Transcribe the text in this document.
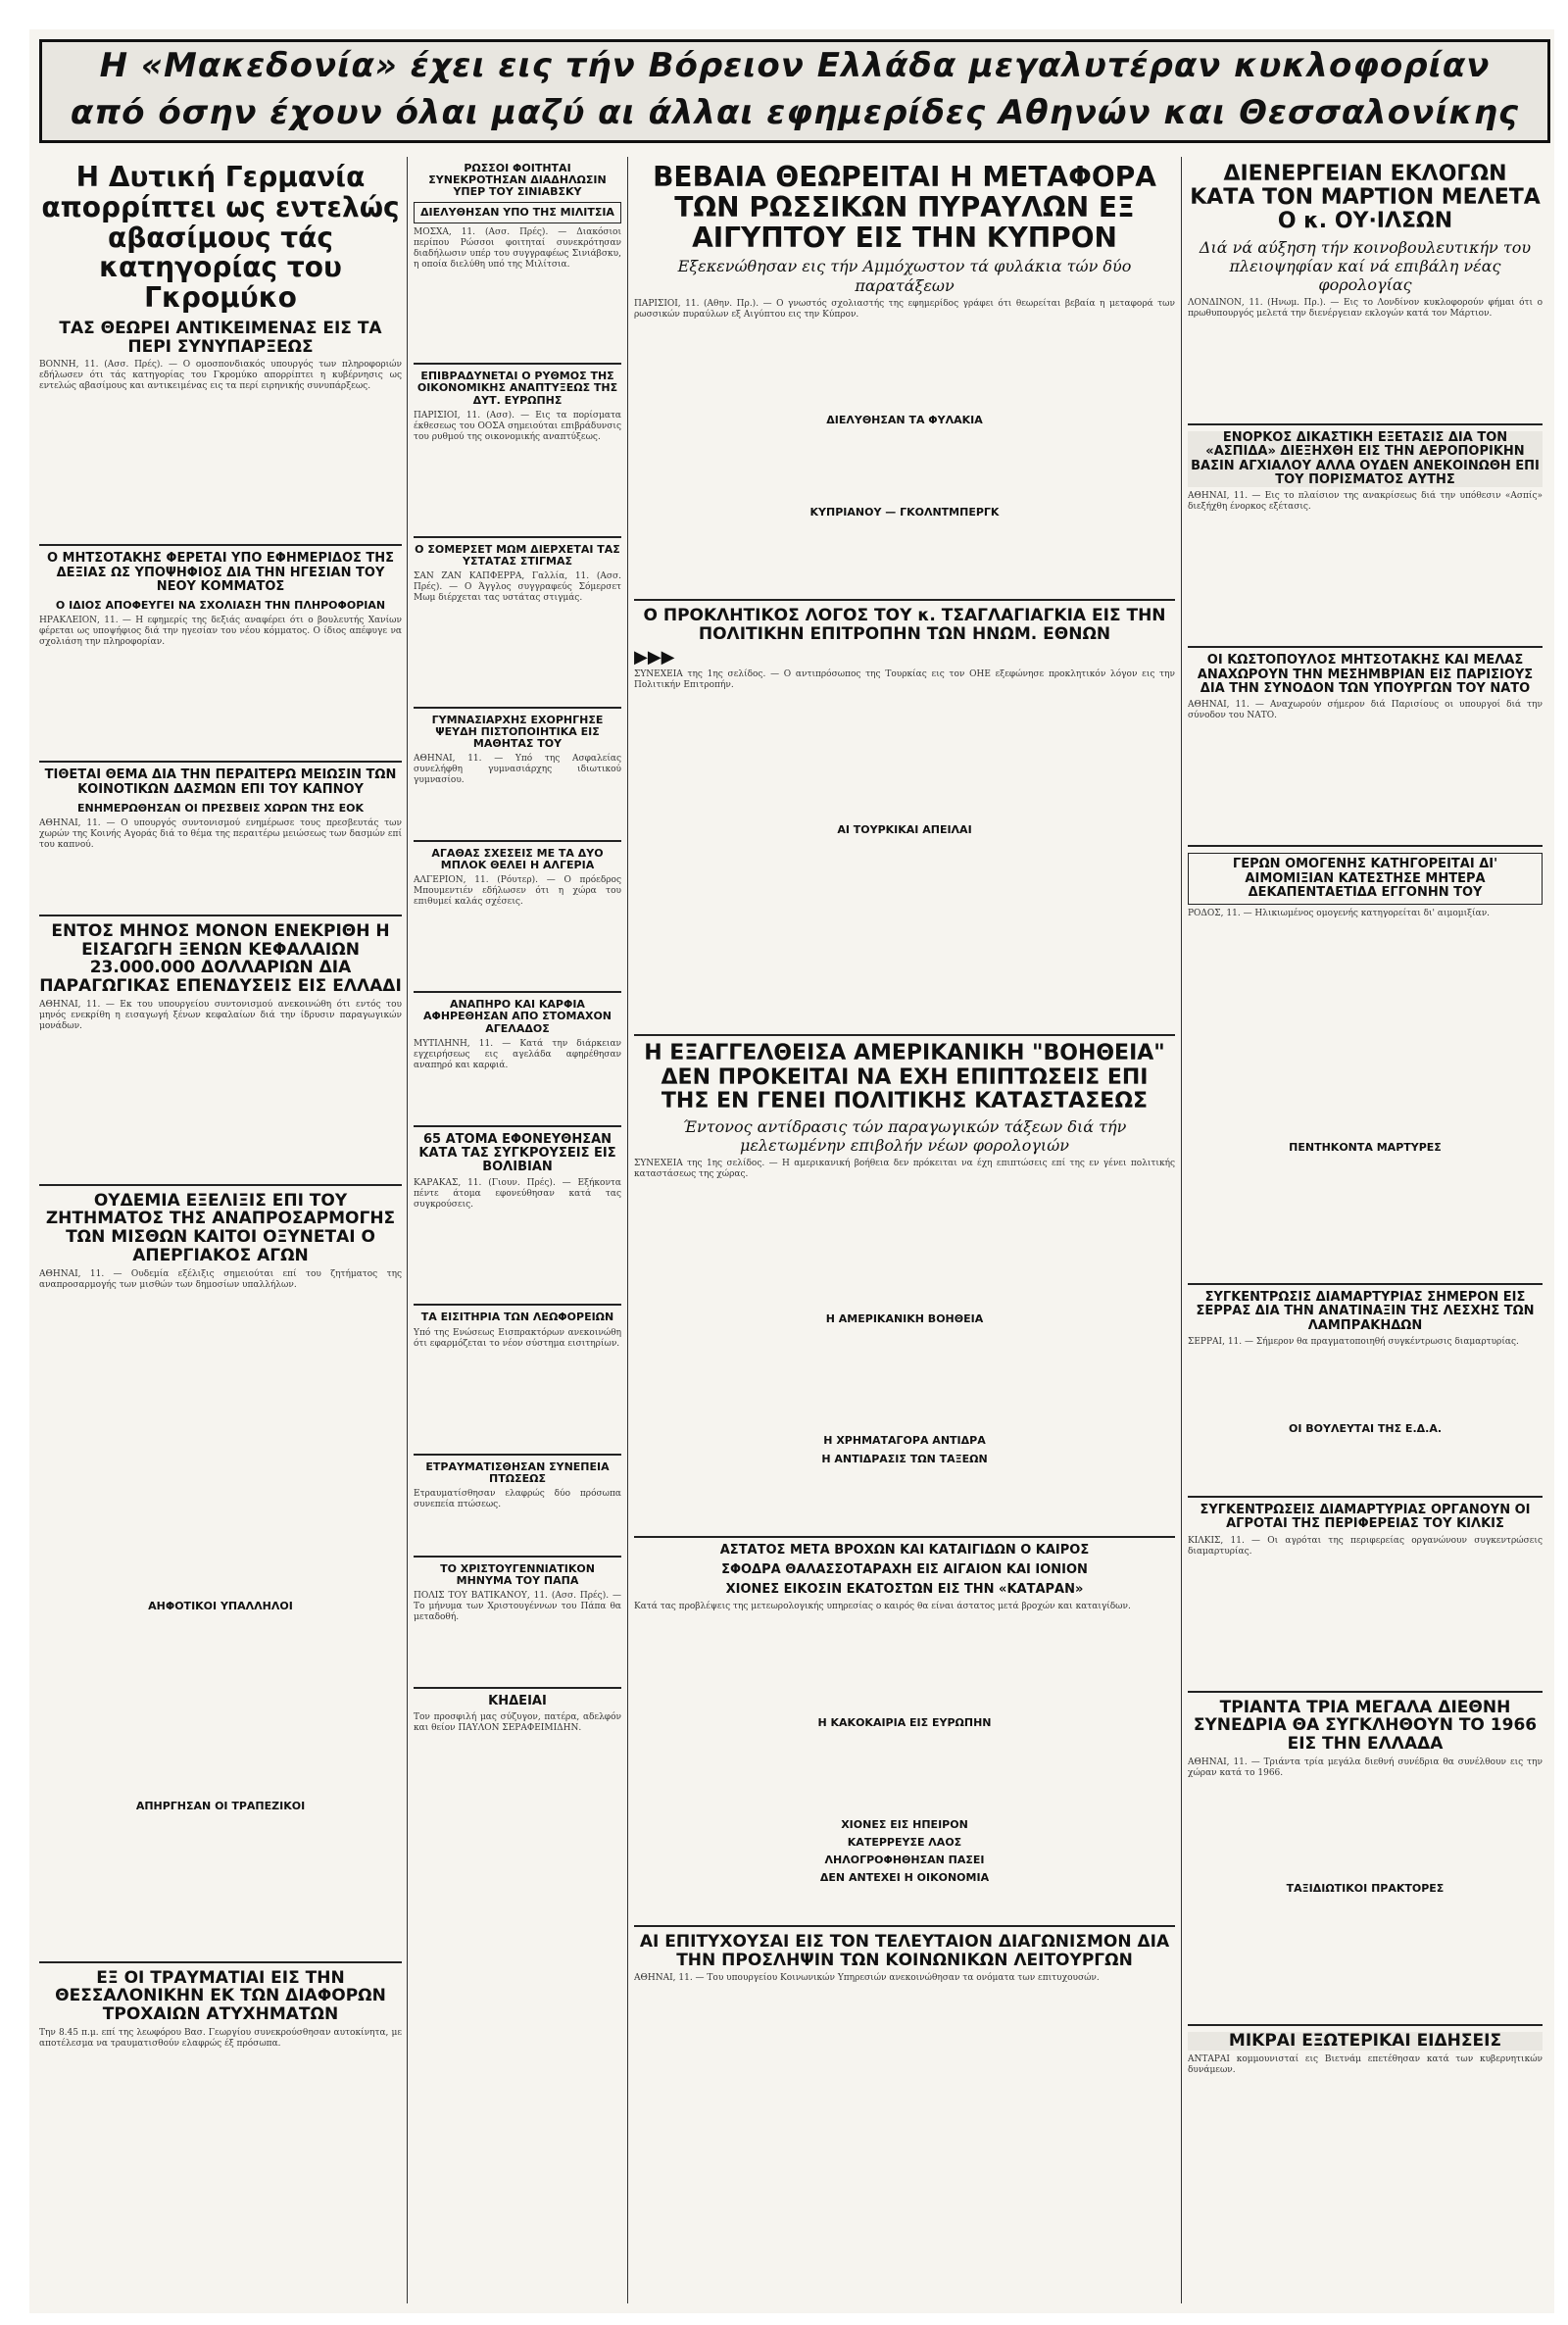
Η «Μακεδονία» έχει εις τήν Βόρειον Ελλάδα μεγαλυτέραν κυκλοφορίαν
από όσην έχουν όλαι μαζύ αι άλλαι εφημερίδες Αθηνών και Θεσσαλονίκης
Η Δυτική Γερμανία απορρίπτει ως εντελώς αβασίμους τάς κατηγορίας του Γκρομύκο
ΤΑΣ ΘΕΩΡΕΙ ΑΝΤΙΚΕΙΜΕΝΑΣ ΕΙΣ ΤΑ ΠΕΡΙ ΣΥΝΥΠΑΡΞΕΩΣ
ΒΟΝΝΗ, 11. (Ασσ. Πρές). — Ο ομοσπονδιακός υπουργός των πληροφοριών εδήλωσεν ότι τάς κατηγορίας του Γκρομύκο απορρίπτει η κυβέρνησις ως εντελώς αβασίμους και αντικειμένας εις τα περί ειρηνικής συνυπάρξεως.
Ο ΜΗΤΣΟΤΑΚΗΣ ΦΕΡΕΤΑΙ ΥΠΟ ΕΦΗΜΕΡΙΔΟΣ ΤΗΣ ΔΕΞΙΑΣ ΩΣ ΥΠΟΨΗΦΙΟΣ ΔΙΑ ΤΗΝ ΗΓΕΣΙΑΝ ΤΟΥ ΝΕΟΥ ΚΟΜΜΑΤΟΣ
Ο ΙΔΙΟΣ ΑΠΟΦΕΥΓΕΙ ΝΑ ΣΧΟΛΙΑΣΗ ΤΗΝ ΠΛΗΡΟΦΟΡΙΑΝ
ΗΡΑΚΛΕΙΟΝ, 11. — Η εφημερίς της δεξιάς αναφέρει ότι ο βουλευτής Χανίων φέρεται ως υποψήφιος διά την ηγεσίαν του νέου κόμματος. Ο ίδιος απέφυγε να σχολιάση την πληροφορίαν.
ΤΙΘΕΤΑΙ ΘΕΜΑ ΔΙΑ ΤΗΝ ΠΕΡΑΙΤΕΡΩ ΜΕΙΩΣΙΝ ΤΩΝ ΚΟΙΝΟΤΙΚΩΝ ΔΑΣΜΩΝ ΕΠΙ ΤΟΥ ΚΑΠΝΟΥ
ΕΝΗΜΕΡΩΘΗΣΑΝ ΟΙ ΠΡΕΣΒΕΙΣ ΧΩΡΩΝ ΤΗΣ ΕΟΚ
ΑΘΗΝΑΙ, 11. — Ο υπουργός συντονισμού ενημέρωσε τους πρεσβευτάς των χωρών της Κοινής Αγοράς διά το θέμα της περαιτέρω μειώσεως των δασμών επί του καπνού.
ΕΝΤΟΣ ΜΗΝΟΣ ΜΟΝΟΝ ΕΝΕΚΡΙΘΗ Η ΕΙΣΑΓΩΓΗ ΞΕΝΩΝ ΚΕΦΑΛΑΙΩΝ 23.000.000 ΔΟΛΛΑΡΙΩΝ ΔΙΑ ΠΑΡΑΓΩΓΙΚΑΣ ΕΠΕΝΔΥΣΕΙΣ ΕΙΣ ΕΛΛΑΔΙ
ΑΘΗΝΑΙ, 11. — Εκ του υπουργείου συντονισμού ανεκοινώθη ότι εντός του μηνός ενεκρίθη η εισαγωγή ξένων κεφαλαίων διά την ίδρυσιν παραγωγικών μονάδων.
ΟΥΔΕΜΙΑ ΕΞΕΛΙΞΙΣ ΕΠΙ ΤΟΥ ΖΗΤΗΜΑΤΟΣ ΤΗΣ ΑΝΑΠΡΟΣΑΡΜΟΓΗΣ ΤΩΝ ΜΙΣΘΩΝ ΚΑΙΤΟΙ ΟΞΥΝΕΤΑΙ Ο ΑΠΕΡΓΙΑΚΟΣ ΑΓΩΝ
ΑΘΗΝΑΙ, 11. — Ουδεμία εξέλιξις σημειούται επί του ζητήματος της αναπροσαρμογής των μισθών των δημοσίων υπαλλήλων.
ΑΗΦΟΤΙΚΟΙ ΥΠΑΛΛΗΛΟΙ
ΑΠΗΡΓΗΣΑΝ ΟΙ ΤΡΑΠΕΖΙΚΟΙ
ΕΞ ΟΙ ΤΡΑΥΜΑΤΙΑΙ ΕΙΣ ΤΗΝ ΘΕΣΣΑΛΟΝΙΚΗΝ ΕΚ ΤΩΝ ΔΙΑΦΟΡΩΝ ΤΡΟΧΑΙΩΝ ΑΤΥΧΗΜΑΤΩΝ
Την 8.45 π.μ. επί της λεωφόρου Βασ. Γεωργίου συνεκρούσθησαν αυτοκίνητα, με αποτέλεσμα να τραυματισθούν ελαφρώς έξ πρόσωπα.
ΡΩΣΣΟΙ ΦΟΙΤΗΤΑΙ ΣΥΝΕΚΡΟΤΗΣΑΝ ΔΙΑΔΗΛΩΣΙΝ ΥΠΕΡ ΤΟΥ ΣΙΝΙΑΒΣΚΥ
ΔΙΕΛΥΘΗΣΑΝ ΥΠΟ ΤΗΣ ΜΙΛΙΤΣΙΑ
ΜΟΣΧΑ, 11. (Ασσ. Πρές). — Διακόσιοι περίπου Ρώσσοι φοιτηταί συνεκρότησαν διαδήλωσιν υπέρ του συγγραφέως Σινιάβσκυ, η οποία διελύθη υπό της Μιλίτσια.
ΕΠΙΒΡΑΔΥΝΕΤΑΙ Ο ΡΥΘΜΟΣ ΤΗΣ ΟΙΚΟΝΟΜΙΚΗΣ ΑΝΑΠΤΥΞΕΩΣ ΤΗΣ ΔΥΤ. ΕΥΡΩΠΗΣ
ΠΑΡΙΣΙΟΙ, 11. (Ασσ). — Εις τα πορίσματα έκθεσεως του ΟΟΣΑ σημειούται επιβράδυνσις του ρυθμού της οικονομικής αναπτύξεως.
Ο ΣΟΜΕΡΣΕΤ ΜΩΜ ΔΙΕΡΧΕΤΑΙ ΤΑΣ ΥΣΤΑΤΑΣ ΣΤΙΓΜΑΣ
ΣΑΝ ΖΑΝ ΚΑΠΦΕΡΡΑ, Γαλλία, 11. (Ασσ. Πρές). — Ο Άγγλος συγγραφεύς Σόμερσετ Μωμ διέρχεται τας υστάτας στιγμάς.
ΓΥΜΝΑΣΙΑΡΧΗΣ ΕΧΟΡΗΓΗΣΕ ΨΕΥΔΗ ΠΙΣΤΟΠΟΙΗΤΙΚΑ ΕΙΣ ΜΑΘΗΤΑΣ ΤΟΥ
ΑΘΗΝΑΙ, 11. — Υπό της Ασφαλείας συνελήφθη γυμνασιάρχης ιδιωτικού γυμνασίου.
ΑΓΑΘΑΣ ΣΧΕΣΕΙΣ ΜΕ ΤΑ ΔΥΟ ΜΠΛΟΚ ΘΕΛΕΙ Η ΑΛΓΕΡΙΑ
ΑΛΓΕΡΙΟΝ, 11. (Ρόυτερ). — Ο πρόεδρος Μπουμεντιέν εδήλωσεν ότι η χώρα του επιθυμεί καλάς σχέσεις.
ΑΝΑΠΗΡΟ ΚΑΙ ΚΑΡΦΙΑ ΑΦΗΡΕΘΗΣΑΝ ΑΠΟ ΣΤΟΜΑΧΟΝ ΑΓΕΛΑΔΟΣ
ΜΥΤΙΛΗΝΗ, 11. — Κατά την διάρκειαν εγχειρήσεως εις αγελάδα αφηρέθησαν αναπηρό και καρφιά.
65 ΑΤΟΜΑ ΕΦΟΝΕΥΘΗΣΑΝ ΚΑΤΑ ΤΑΣ ΣΥΓΚΡΟΥΣΕΙΣ ΕΙΣ ΒΟΛΙΒΙΑΝ
ΚΑΡΑΚΑΣ, 11. (Γιουν. Πρές). — Εξήκοντα πέντε άτομα εφονεύθησαν κατά τας συγκρούσεις.
ΤΑ ΕΙΣΙΤΗΡΙΑ ΤΩΝ ΛΕΩΦΟΡΕΙΩΝ
Υπό της Ενώσεως Εισπρακτόρων ανεκοινώθη ότι εφαρμόζεται το νέον σύστημα εισιτηρίων.
ΕΤΡΑΥΜΑΤΙΣΘΗΣΑΝ ΣΥΝΕΠΕΙΑ ΠΤΩΣΕΩΣ
Ετραυματίσθησαν ελαφρώς δύο πρόσωπα συνεπεία πτώσεως.
ΤΟ ΧΡΙΣΤΟΥΓΕΝΝΙΑΤΙΚΟΝ ΜΗΝΥΜΑ ΤΟΥ ΠΑΠΑ
ΠΟΛΙΣ ΤΟΥ ΒΑΤΙΚΑΝΟΥ, 11. (Ασσ. Πρές). — Το μήνυμα των Χριστουγέννων του Πάπα θα μεταδοθή.
ΚΗΔΕΙΑΙ
Τον προσφιλή μας σύζυγον, πατέρα, αδελφόν και θείον ΠΑΥΛΟΝ ΣΕΡΑΦΕΙΜΙΔΗΝ.
ΒΕΒΑΙΑ ΘΕΩΡΕΙΤΑΙ Η ΜΕΤΑΦΟΡΑ ΤΩΝ ΡΩΣΣΙΚΩΝ ΠΥΡΑΥΛΩΝ ΕΞ ΑΙΓΥΠΤΟΥ ΕΙΣ ΤΗΝ ΚΥΠΡΟΝ
Εξεκενώθησαν εις τήν Αμμόχωστον τά φυλάκια τών δύο παρατάξεων
ΠΑΡΙΣΙΟΙ, 11. (Αθην. Πρ.). — Ο γνωστός σχολιαστής της εφημερίδος γράφει ότι θεωρείται βεβαία η μεταφορά των ρωσσικών πυραύλων εξ Αιγύπτου εις την Κύπρον.
ΔΙΕΛΥΘΗΣΑΝ ΤΑ ΦΥΛΑΚΙΑ
ΚΥΠΡΙΑΝΟΥ — ΓΚΟΛΝΤΜΠΕΡΓΚ
Ο ΠΡΟΚΛΗΤΙΚΟΣ ΛΟΓΟΣ ΤΟΥ κ. ΤΣΑΓΛΑΓΙΑΓΚΙΑ ΕΙΣ ΤΗΝ ΠΟΛΙΤΙΚΗΝ ΕΠΙΤΡΟΠΗΝ ΤΩΝ ΗΝΩΜ. ΕΘΝΩΝ
▶▶▶
ΣΥΝΕΧΕΙΑ της 1ης σελίδος. — Ο αντιπρόσωπος της Τουρκίας εις τον ΟΗΕ εξεφώνησε προκλητικόν λόγον εις την Πολιτικήν Επιτροπήν.
ΑΙ ΤΟΥΡΚΙΚΑΙ ΑΠΕΙΛΑΙ
Η ΕΞΑΓΓΕΛΘΕΙΣΑ ΑΜΕΡΙΚΑΝΙΚΗ "ΒΟΗΘΕΙΑ" ΔΕΝ ΠΡΟΚΕΙΤΑΙ ΝΑ ΕΧΗ ΕΠΙΠΤΩΣΕΙΣ ΕΠΙ ΤΗΣ ΕΝ ΓΕΝΕΙ ΠΟΛΙΤΙΚΗΣ ΚΑΤΑΣΤΑΣΕΩΣ
Έντονος αντίδρασις τών παραγωγικών τάξεων διά τήν μελετωμένην επιβολήν νέων φορολογιών
ΣΥΝΕΧΕΙΑ της 1ης σελίδος. — Η αμερικανική βοήθεια δεν πρόκειται να έχη επιπτώσεις επί της εν γένει πολιτικής καταστάσεως της χώρας.
Η ΑΜΕΡΙΚΑΝΙΚΗ ΒΟΗΘΕΙΑ
Η ΧΡΗΜΑΤΑΓΟΡΑ ΑΝΤΙΔΡΑ
Η ΑΝΤΙΔΡΑΣΙΣ ΤΩΝ ΤΑΞΕΩΝ
ΑΣΤΑΤΟΣ ΜΕΤΑ ΒΡΟΧΩΝ ΚΑΙ ΚΑΤΑΙΓΙΔΩΝ Ο ΚΑΙΡΟΣ
ΣΦΟΔΡΑ ΘΑΛΑΣΣΟΤΑΡΑΧΗ ΕΙΣ ΑΙΓΑΙΟΝ ΚΑΙ ΙΟΝΙΟΝ
ΧΙΟΝΕΣ ΕΙΚΟΣΙΝ ΕΚΑΤΟΣΤΩΝ ΕΙΣ ΤΗΝ «ΚΑΤΑΡΑΝ»
Κατά τας προβλέψεις της μετεωρολογικής υπηρεσίας ο καιρός θα είναι άστατος μετά βροχών και καταιγίδων.
Η ΚΑΚΟΚΑΙΡΙΑ ΕΙΣ ΕΥΡΩΠΗΝ
ΧΙΟΝΕΣ ΕΙΣ ΗΠΕΙΡΟΝ
ΚΑΤΕΡΡΕΥΣΕ ΛΑΟΣ
ΛΗΛΟΓΡΟΦΗΘΗΣΑΝ ΠΑΣΕΙ
ΔΕΝ ΑΝΤΕΧΕΙ Η ΟΙΚΟΝΟΜΙΑ
ΑΙ ΕΠΙΤΥΧΟΥΣΑΙ ΕΙΣ ΤΟΝ ΤΕΛΕΥΤΑΙΟΝ ΔΙΑΓΩΝΙΣΜΟΝ ΔΙΑ ΤΗΝ ΠΡΟΣΛΗΨΙΝ ΤΩΝ ΚΟΙΝΩΝΙΚΩΝ ΛΕΙΤΟΥΡΓΩΝ
ΑΘΗΝΑΙ, 11. — Του υπουργείου Κοινωνικών Υπηρεσιών ανεκοινώθησαν τα ονόματα των επιτυχουσών.
ΔΙΕΝΕΡΓΕΙΑΝ ΕΚΛΟΓΩΝ ΚΑΤΑ ΤΟΝ ΜΑΡΤΙΟΝ ΜΕΛΕΤΑ Ο κ. ΟΥ·ΙΛΣΩΝ
Διά νά αύξηση τήν κοινοβουλευτικήν του πλειοψηφίαν καί νά επιβάλη νέας φορολογίας
ΛΟΝΔΙΝΟΝ, 11. (Ηνωμ. Πρ.). — Εις το Λονδίνον κυκλοφορούν φήμαι ότι ο πρωθυπουργός μελετά την διενέργειαν εκλογών κατά τον Μάρτιον.
ΕΝΟΡΚΟΣ ΔΙΚΑΣΤΙΚΗ ΕΞΕΤΑΣΙΣ ΔΙΑ ΤΟΝ «ΑΣΠΙΔΑ» ΔΙΕΞΗΧΘΗ ΕΙΣ ΤΗΝ ΑΕΡΟΠΟΡΙΚΗΝ ΒΑΣΙΝ ΑΓΧΙΑΛΟΥ ΑΛΛΑ ΟΥΔΕΝ ΑΝΕΚΟΙΝΩΘΗ ΕΠΙ ΤΟΥ ΠΟΡΙΣΜΑΤΟΣ ΑΥΤΗΣ
ΑΘΗΝΑΙ, 11. — Εις το πλαίσιον της ανακρίσεως διά την υπόθεσιν «Ασπίς» διεξήχθη ένορκος εξέτασις.
ΟΙ ΚΩΣΤΟΠΟΥΛΟΣ ΜΗΤΣΟΤΑΚΗΣ ΚΑΙ ΜΕΛΑΣ ΑΝΑΧΩΡΟΥΝ ΤΗΝ ΜΕΣΗΜΒΡΙΑΝ ΕΙΣ ΠΑΡΙΣΙΟΥΣ ΔΙΑ ΤΗΝ ΣΥΝΟΔΟΝ ΤΩΝ ΥΠΟΥΡΓΩΝ ΤΟΥ ΝΑΤΟ
ΑΘΗΝΑΙ, 11. — Αναχωρούν σήμερον διά Παρισίους οι υπουργοί διά την σύνοδον του ΝΑΤΟ.
ΓΕΡΩΝ ΟΜΟΓΕΝΗΣ ΚΑΤΗΓΟΡΕΙΤΑΙ ΔΙ' ΑΙΜΟΜΙΞΙΑΝ ΚΑΤΕΣΤΗΣΕ ΜΗΤΕΡΑ ΔΕΚΑΠΕΝΤΑΕΤΙΔΑ ΕΓΓΟΝΗΝ ΤΟΥ
ΡΟΔΟΣ, 11. — Ηλικιωμένος ομογενής κατηγορείται δι' αιμομιξίαν.
ΠΕΝΤΗΚΟΝΤΑ ΜΑΡΤΥΡΕΣ
ΣΥΓΚΕΝΤΡΩΣΙΣ ΔΙΑΜΑΡΤΥΡΙΑΣ ΣΗΜΕΡΟΝ ΕΙΣ ΣΕΡΡΑΣ ΔΙΑ ΤΗΝ ΑΝΑΤΙΝΑΞΙΝ ΤΗΣ ΛΕΣΧΗΣ ΤΩΝ ΛΑΜΠΡΑΚΗΔΩΝ
ΣΕΡΡΑΙ, 11. — Σήμερον θα πραγματοποιηθή συγκέντρωσις διαμαρτυρίας.
ΟΙ ΒΟΥΛΕΥΤΑΙ ΤΗΣ Ε.Δ.Α.
ΣΥΓΚΕΝΤΡΩΣΕΙΣ ΔΙΑΜΑΡΤΥΡΙΑΣ ΟΡΓΑΝΟΥΝ ΟΙ ΑΓΡΟΤΑΙ ΤΗΣ ΠΕΡΙΦΕΡΕΙΑΣ ΤΟΥ ΚΙΛΚΙΣ
ΚΙΛΚΙΣ, 11. — Οι αγρόται της περιφερείας οργανώνουν συγκεντρώσεις διαμαρτυρίας.
ΤΡΙΑΝΤΑ ΤΡΙΑ ΜΕΓΑΛΑ ΔΙΕΘΝΗ ΣΥΝΕΔΡΙΑ ΘΑ ΣΥΓΚΛΗΘΟΥΝ ΤΟ 1966 ΕΙΣ ΤΗΝ ΕΛΛΑΔΑ
ΑΘΗΝΑΙ, 11. — Τριάντα τρία μεγάλα διεθνή συνέδρια θα συνέλθουν εις την χώραν κατά το 1966.
ΤΑΞΙΔΙΩΤΙΚΟΙ ΠΡΑΚΤΟΡΕΣ
ΜΙΚΡΑΙ ΕΞΩΤΕΡΙΚΑΙ ΕΙΔΗΣΕΙΣ
ΑΝΤΑΡΑΙ κομμουνισταί εις Βιετνάμ επετέθησαν κατά των κυβερνητικών δυνάμεων.
